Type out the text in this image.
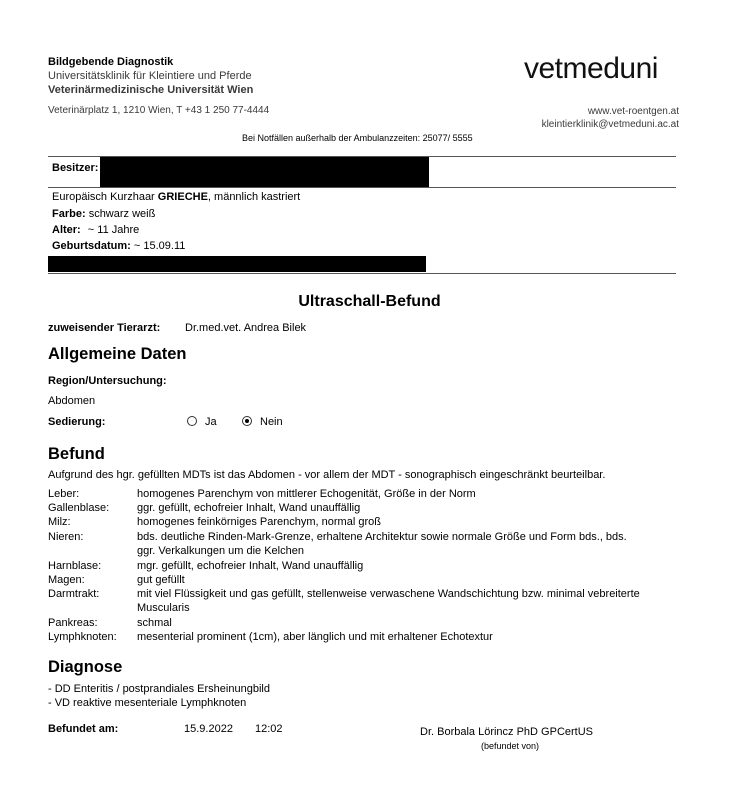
Bildgebende Diagnostik
Universitätsklinik für Kleintiere und Pferde
Veterinärmedizinische Universität Wien
Veterinärplatz 1, 1210 Wien, T +43 1 250 77-4444
vetmeduni
www.vet-roentgen.at
kleintierklinik@vetmeduni.ac.at
Bei Notfällen außerhalb der Ambulanzzeiten: 25077/ 5555
Besitzer:
Europäisch Kurzhaar GRIECHE, männlich kastriert
Farbe: schwarz weiß
Alter: ~ 11 Jahre
Geburtsdatum: ~ 15.09.11
Ultraschall-Befund
zuweisender Tierarzt: Dr.med.vet. Andrea Bilek
Allgemeine Daten
Region/Untersuchung:
Abdomen
Sedierung:	Ja	Nein
Befund
Aufgrund des hgr. gefüllten MDTs ist das Abdomen - vor allem der MDT - sonographisch eingeschränkt beurteilbar.
Leber:	homogenes Parenchym von mittlerer Echogenität, Größe in der Norm
Gallenblase:	ggr. gefüllt, echofreier Inhalt, Wand unauffällig
Milz:	homogenes feinkörniges Parenchym, normal groß
Nieren:	bds. deutliche Rinden-Mark-Grenze, erhaltene Architektur sowie normale Größe und Form bds., bds.
ggr. Verkalkungen um die Kelchen
Harnblase:	mgr. gefüllt, echofreier Inhalt, Wand unauffällig
Magen:	gut gefüllt
Darmtrakt:	mit viel Flüssigkeit und gas gefüllt, stellenweise verwaschene Wandschichtung bzw. minimal vebreiterte
Muscularis
Pankreas:	schmal
Lymphknoten: mesenterial prominent (1cm), aber länglich und mit erhaltener Echotextur
Diagnose
- DD Enteritis / postprandiales Ersheinungbild
- VD reaktive mesenteriale Lymphknoten
Befundet am:	15.9.2022 12:02	Dr. Borbala Lörincz PhD GPCertUS
(befundet von)
